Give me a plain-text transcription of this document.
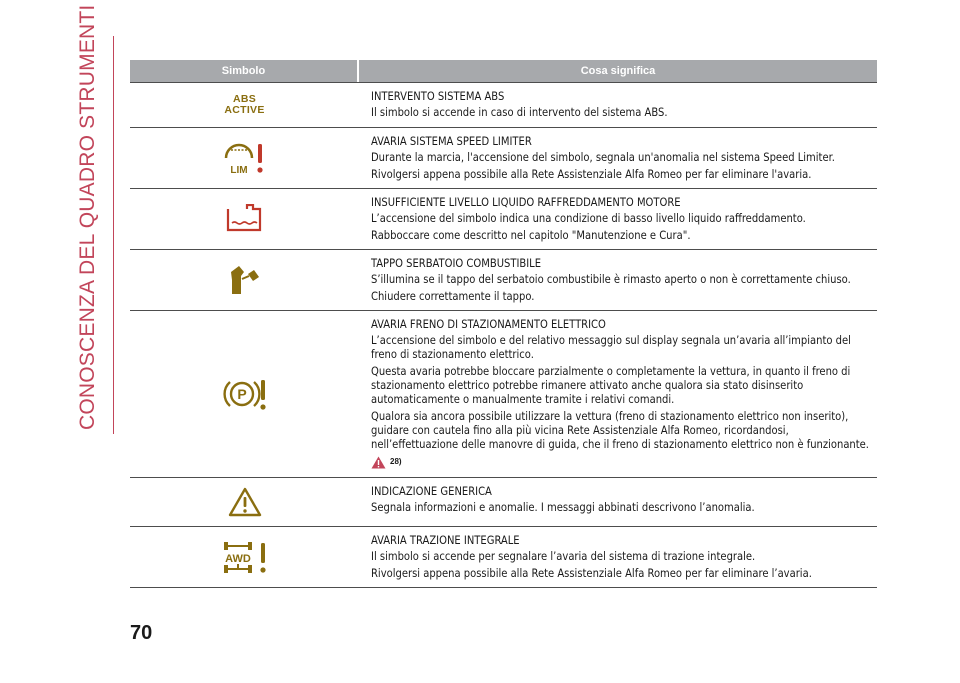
CONOSCENZA DEL QUADRO STRUMENTI	Simbolo	Cosa significa
ABS
ACTIVE

INTERVENTO SISTEMA ABS

Il simbolo si accende in caso di intervento del sistema ABS.

LIM

AVARIA SISTEMA SPEED LIMITER

Durante la marcia, l'accensione del simbolo, segnala un'anomalia nel sistema Speed Limiter.

Rivolgersi appena possibile alla Rete Assistenziale Alfa Romeo per far eliminare l'avaria.

INSUFFICIENTE LIVELLO LIQUIDO RAFFREDDAMENTO MOTORE

L’accensione del simbolo indica una condizione di basso livello liquido raffreddamento.

Rabboccare come descritto nel capitolo "Manutenzione e Cura".

TAPPO SERBATOIO COMBUSTIBILE

S’illumina se il tappo del serbatoio combustibile è rimasto aperto o non è correttamente chiuso.

Chiudere correttamente il tappo.

P

AVARIA FRENO DI STAZIONAMENTO ELETTRICO

L’accensione del simbolo e del relativo messaggio sul display segnala un’avaria all’impianto del freno di stazionamento elettrico.

Questa avaria potrebbe bloccare parzialmente o completamente la vettura, in quanto il freno di stazionamento elettrico potrebbe rimanere attivato anche qualora sia stato disinserito automaticamente o manualmente tramite i relativi comandi.

Qualora sia ancora possibile utilizzare la vettura (freno di stazionamento elettrico non inserito), guidare con cautela fino alla più vicina Rete Assistenziale Alfa Romeo, ricordandosi, nell’effettuazione delle manovre di guida, che il freno di stazionamento elettrico non è funzionante.

28)

INDICAZIONE GENERICA

Segnala informazioni e anomalie. I messaggi abbinati descrivono l’anomalia.

AWD

AVARIA TRAZIONE INTEGRALE

Il simbolo si accende per segnalare l’avaria del sistema di trazione integrale.

Rivolgersi appena possibile alla Rete Assistenziale Alfa Romeo per far eliminare l’avaria.

70
